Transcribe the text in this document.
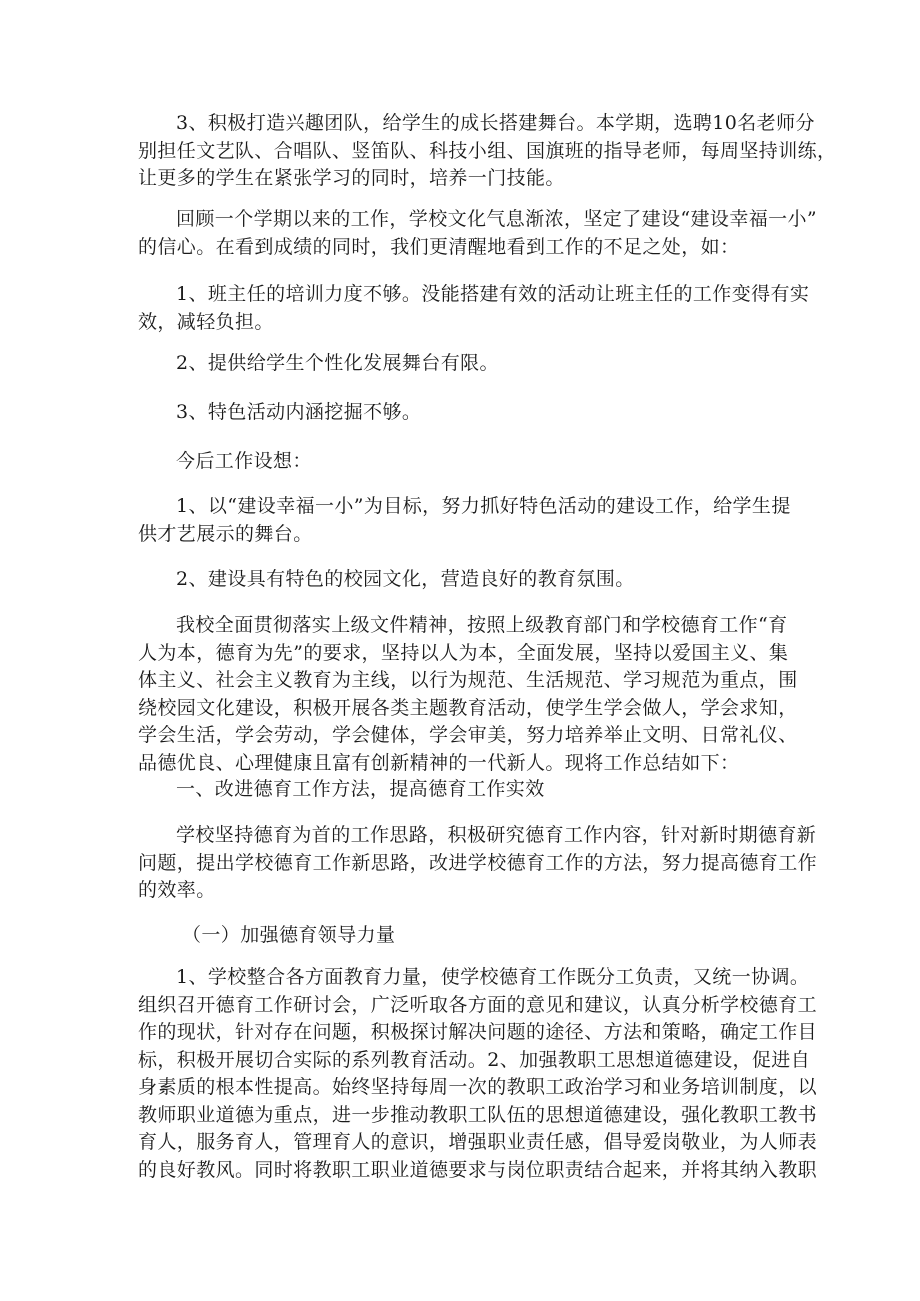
3、积极打造兴趣团队，给学生的成长搭建舞台。本学期，选聘10名老师分
别担任文艺队、合唱队、竖笛队、科技小组、国旗班的指导老师，每周坚持训练，
让更多的学生在紧张学习的同时，培养一门技能。

回顾一个学期以来的工作，学校文化气息渐浓，坚定了建设“建设幸福一小”
的信心。在看到成绩的同时，我们更清醒地看到工作的不足之处，如：

1、班主任的培训力度不够。没能搭建有效的活动让班主任的工作变得有实
效，减轻负担。

2、提供给学生个性化发展舞台有限。

3、特色活动内涵挖掘不够。

今后工作设想：

1、以“建设幸福一小”为目标，努力抓好特色活动的建设工作，给学生提
供才艺展示的舞台。

2、建设具有特色的校园文化，营造良好的教育氛围。

我校全面贯彻落实上级文件精神，按照上级教育部门和学校德育工作“育
人为本，德育为先”的要求，坚持以人为本，全面发展，坚持以爱国主义、集
体主义、社会主义教育为主线，以行为规范、生活规范、学习规范为重点，围
绕校园文化建设，积极开展各类主题教育活动，使学生学会做人，学会求知，
学会生活，学会劳动，学会健体，学会审美，努力培养举止文明、日常礼仪、
品德优良、心理健康且富有创新精神的一代新人。现将工作总结如下：

一、改进德育工作方法，提高德育工作实效

学校坚持德育为首的工作思路，积极研究德育工作内容，针对新时期德育新
问题，提出学校德育工作新思路，改进学校德育工作的方法，努力提高德育工作
的效率。

（一）加强德育领导力量

1、学校整合各方面教育力量，使学校德育工作既分工负责，又统一协调。
组织召开德育工作研讨会，广泛听取各方面的意见和建议，认真分析学校德育工
作的现状，针对存在问题，积极探讨解决问题的途径、方法和策略，确定工作目
标，积极开展切合实际的系列教育活动。2、加强教职工思想道德建设，促进自
身素质的根本性提高。始终坚持每周一次的教职工政治学习和业务培训制度，以
教师职业道德为重点，进一步推动教职工队伍的思想道德建设，强化教职工教书
育人，服务育人，管理育人的意识，增强职业责任感，倡导爱岗敬业，为人师表
的良好教风。同时将教职工职业道德要求与岗位职责结合起来，并将其纳入教职
